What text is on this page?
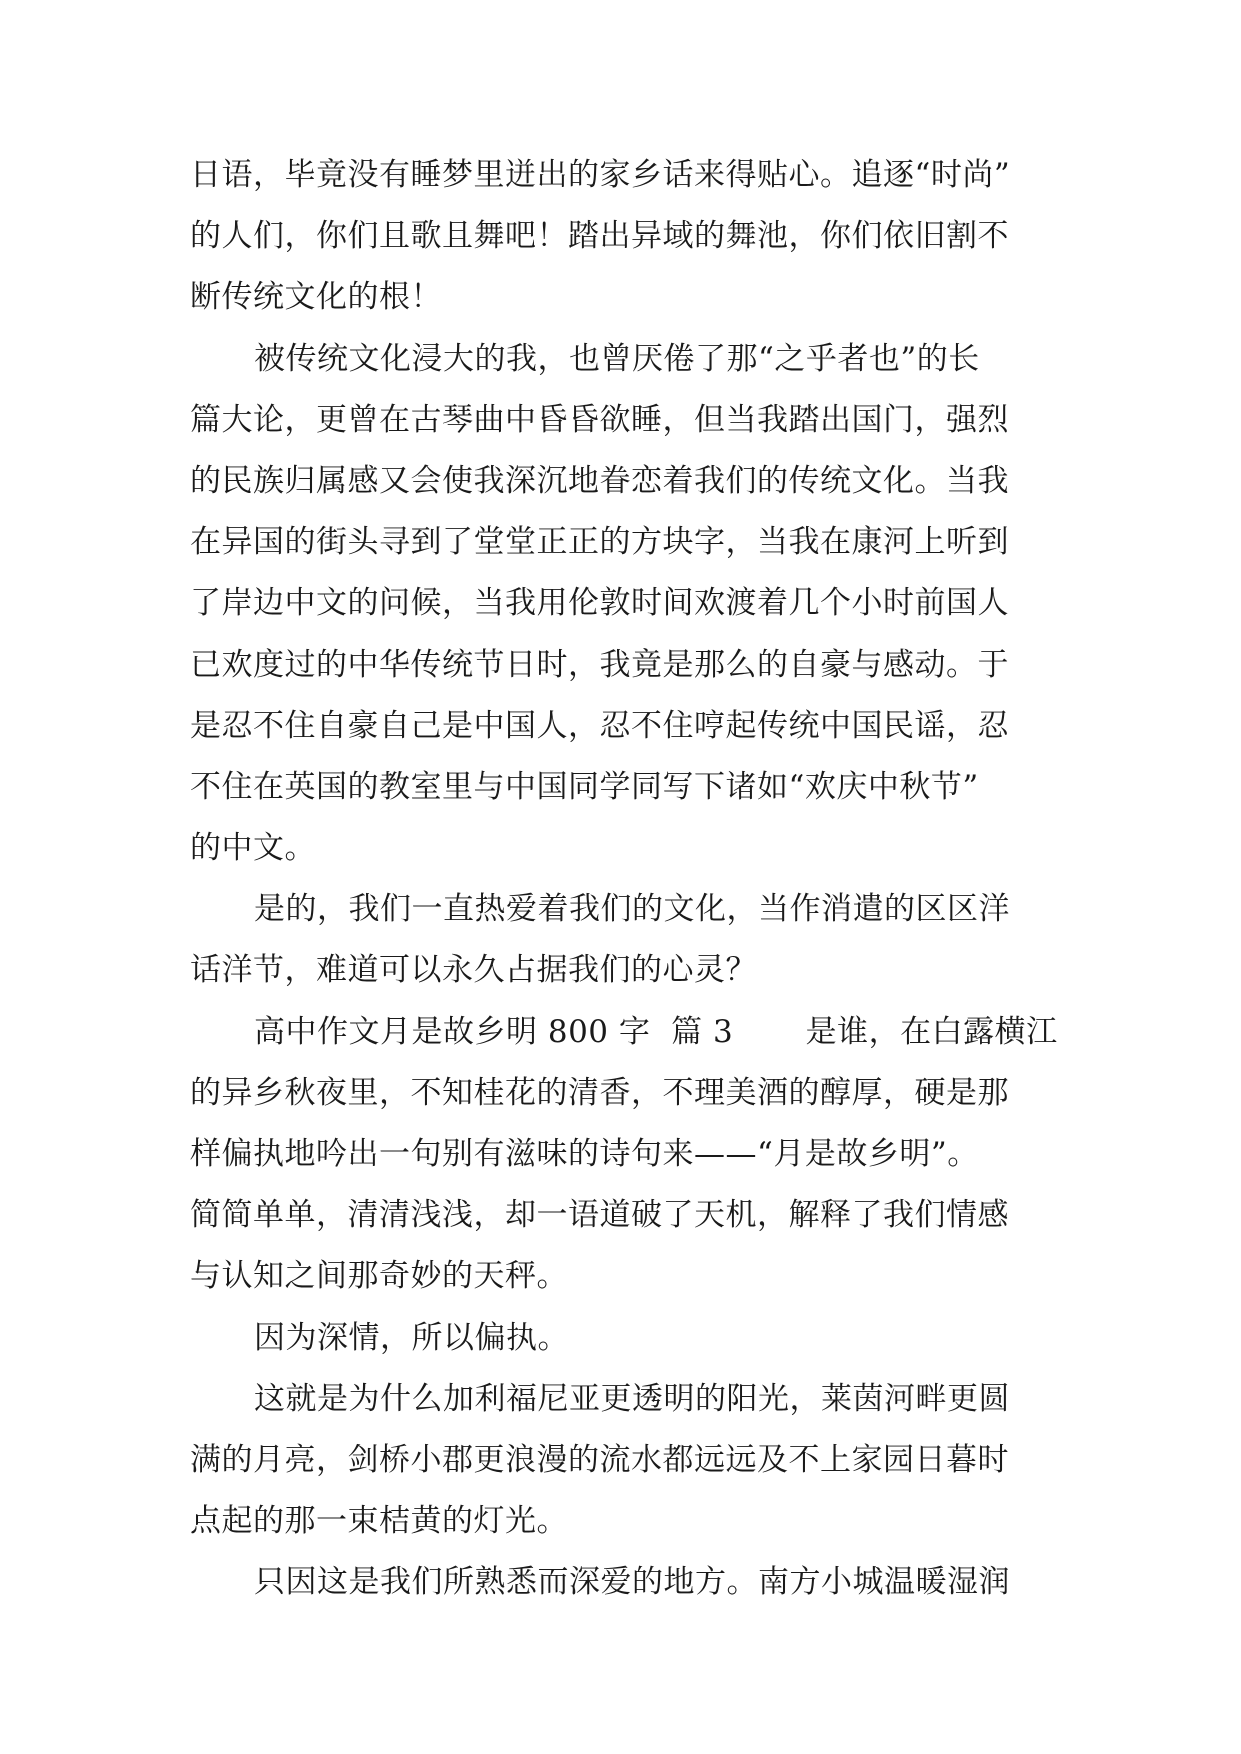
日语，毕竟没有睡梦里迸出的家乡话来得贴心。追逐“时尚”
的人们，你们且歌且舞吧！踏出异域的舞池，你们依旧割不
断传统文化的根！
被传统文化浸大的我，也曾厌倦了那“之乎者也”的长
篇大论，更曾在古琴曲中昏昏欲睡，但当我踏出国门，强烈
的民族归属感又会使我深沉地眷恋着我们的传统文化。当我
在异国的街头寻到了堂堂正正的方块字，当我在康河上听到
了岸边中文的问候，当我用伦敦时间欢渡着几个小时前国人
已欢度过的中华传统节日时，我竟是那么的自豪与感动。于
是忍不住自豪自己是中国人，忍不住哼起传统中国民谣，忍
不住在英国的教室里与中国同学同写下诸如“欢庆中秋节”
的中文。
是的，我们一直热爱着我们的文化，当作消遣的区区洋
话洋节，难道可以永久占据我们的心灵？
高中作文月是故乡明 800 字  篇 3       是谁，在白露横江
的异乡秋夜里，不知桂花的清香，不理美酒的醇厚，硬是那
样偏执地吟出一句别有滋味的诗句来——“月是故乡明”。
简简单单，清清浅浅，却一语道破了天机，解释了我们情感
与认知之间那奇妙的天秤。
因为深情，所以偏执。
这就是为什么加利福尼亚更透明的阳光，莱茵河畔更圆
满的月亮，剑桥小郡更浪漫的流水都远远及不上家园日暮时
点起的那一束桔黄的灯光。
只因这是我们所熟悉而深爱的地方。南方小城温暖湿润
